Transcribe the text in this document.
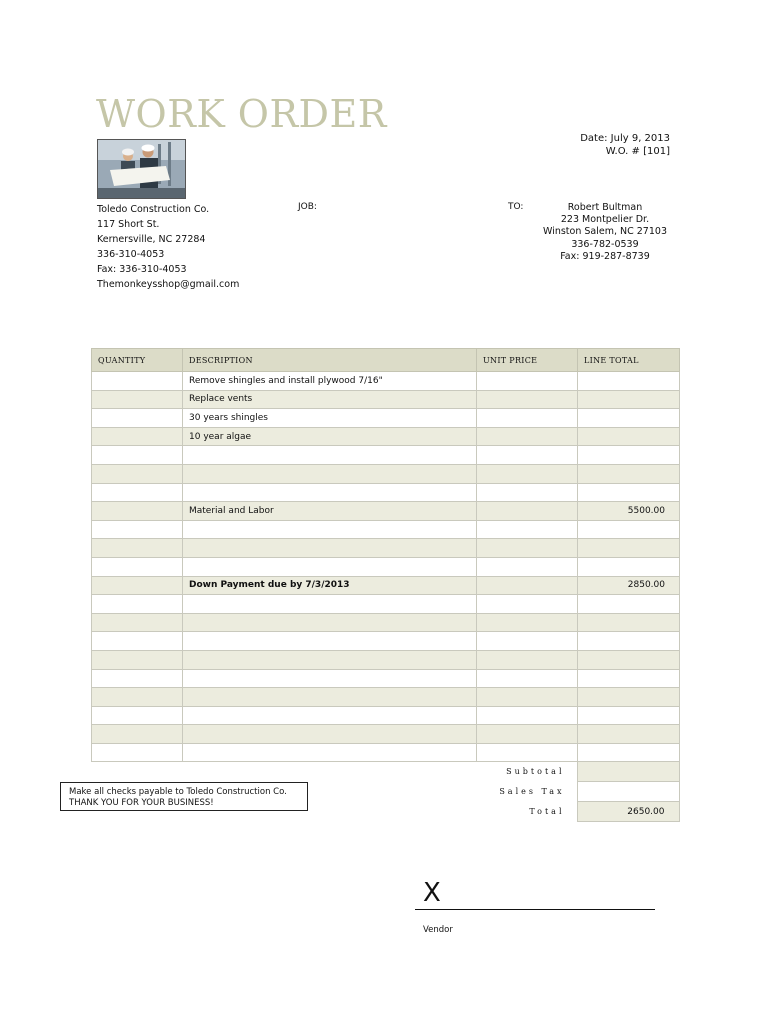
WORK ORDER
Date: July 9, 2013
W.O. # [101]
Toledo Construction Co.
117 Short St.
Kernersville, NC 27284
336-310-4053
Fax: 336-310-4053
Themonkeysshop@gmail.com
JOB:	TO:	Robert Bultman
223 Montpelier Dr.
Winston Salem, NC 27103
336-782-0539
Fax: 919-287-8739
QUANTITY	DESCRIPTION	UNIT PRICE	LINE TOTAL
	Remove shingles and install plywood 7/16"		
	Replace vents		
	30 years shingles		
	10 year algae		

	Material and Labor		5500.00

	Down Payment due by 7/3/2013		2850.00

Subtotal	
Sales Tax	
Total	2650.00
Make all checks payable to Toledo Construction Co.
THANK YOU FOR YOUR BUSINESS!
X
Vendor
